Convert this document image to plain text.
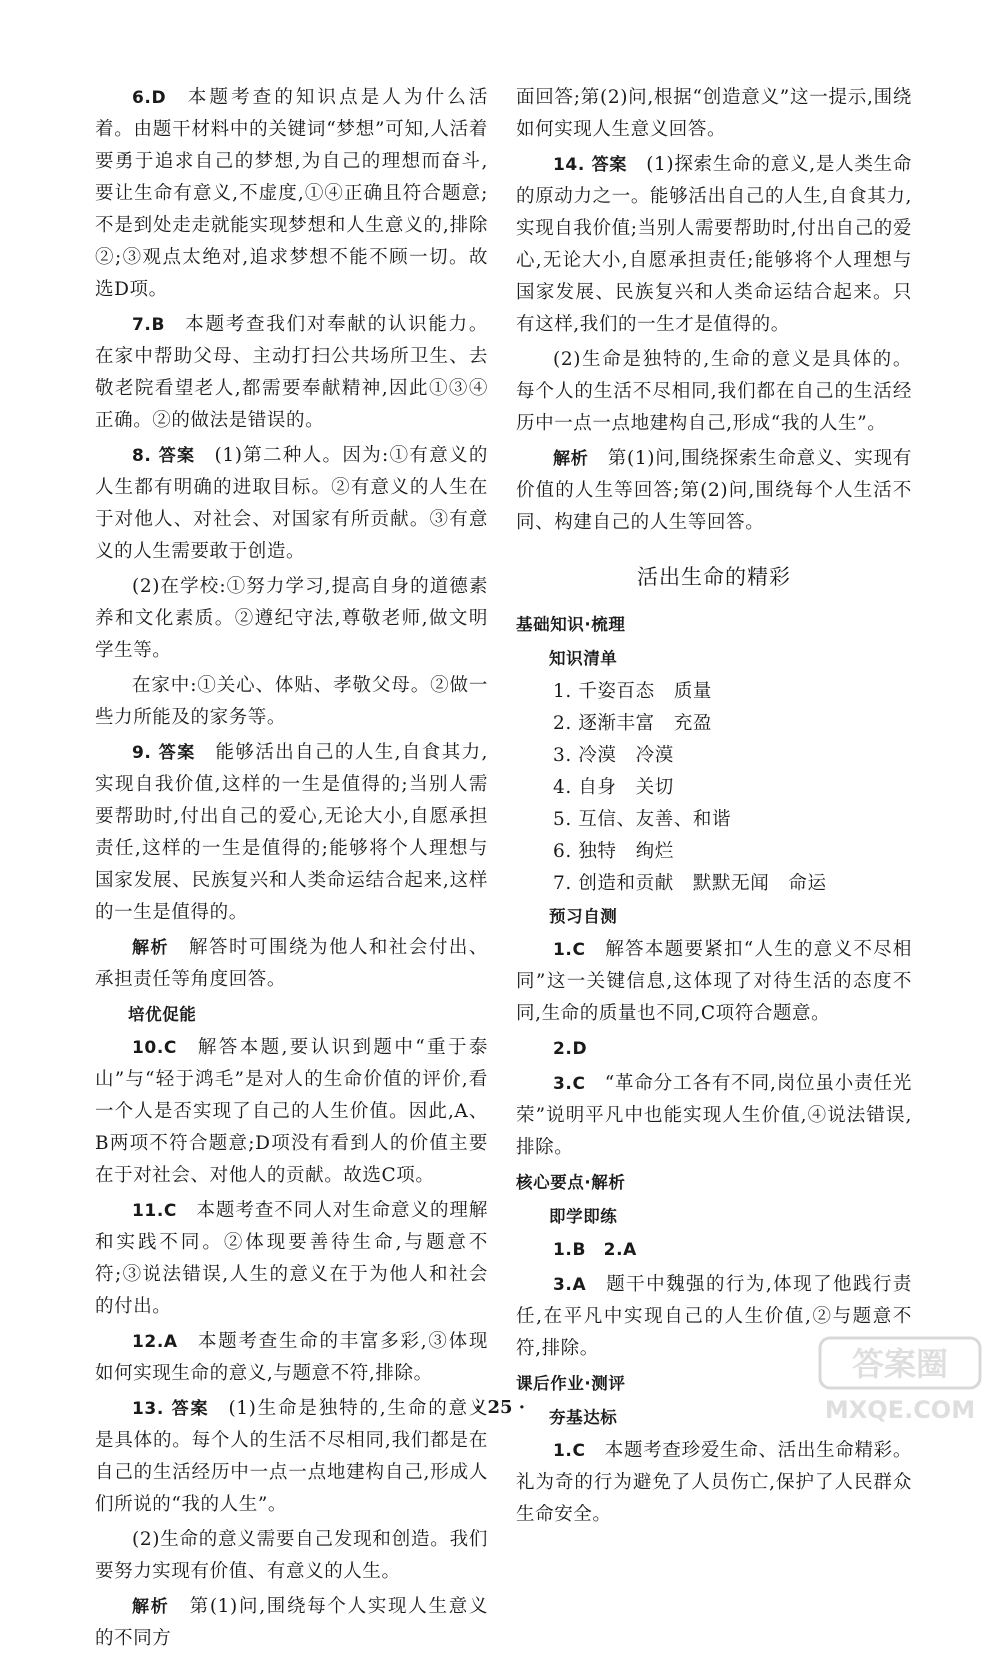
6.D  本题考查的知识点是人为什么活着。由题干材料中的关键词“梦想”可知,人活着要勇于追求自己的梦想,为自己的理想而奋斗,要让生命有意义,不虚度,①④正确且符合题意;不是到处走走就能实现梦想和人生意义的,排除②;③观点太绝对,追求梦想不能不顾一切。故选D项。
7.B  本题考查我们对奉献的认识能力。在家中帮助父母、主动打扫公共场所卫生、去敬老院看望老人,都需要奉献精神,因此①③④正确。②的做法是错误的。
8. 答案  (1)第二种人。因为:①有意义的人生都有明确的进取目标。②有意义的人生在于对他人、对社会、对国家有所贡献。③有意义的人生需要敢于创造。
(2)在学校:①努力学习,提高自身的道德素养和文化素质。②遵纪守法,尊敬老师,做文明学生等。
在家中:①关心、体贴、孝敬父母。②做一些力所能及的家务等。
9. 答案  能够活出自己的人生,自食其力,实现自我价值,这样的一生是值得的;当别人需要帮助时,付出自己的爱心,无论大小,自愿承担责任,这样的一生是值得的;能够将个人理想与国家发展、民族复兴和人类命运结合起来,这样的一生是值得的。
解析  解答时可围绕为他人和社会付出、承担责任等角度回答。
培优促能
10.C  解答本题,要认识到题中“重于泰山”与“轻于鸿毛”是对人的生命价值的评价,看一个人是否实现了自己的人生价值。因此,A、B两项不符合题意;D项没有看到人的价值主要在于对社会、对他人的贡献。故选C项。
11.C  本题考查不同人对生命意义的理解和实践不同。②体现要善待生命,与题意不符;③说法错误,人生的意义在于为他人和社会的付出。
12.A  本题考查生命的丰富多彩,③体现如何实现生命的意义,与题意不符,排除。
13. 答案  (1)生命是独特的,生命的意义是具体的。每个人的生活不尽相同,我们都是在自己的生活经历中一点一点地建构自己,形成人们所说的“我的人生”。
(2)生命的意义需要自己发现和创造。我们要努力实现有价值、有意义的人生。
解析  第(1)问,围绕每个人实现人生意义的不同方
面回答;第(2)问,根据“创造意义”这一提示,围绕如何实现人生意义回答。
14. 答案  (1)探索生命的意义,是人类生命的原动力之一。能够活出自己的人生,自食其力,实现自我价值;当别人需要帮助时,付出自己的爱心,无论大小,自愿承担责任;能够将个人理想与国家发展、民族复兴和人类命运结合起来。只有这样,我们的一生才是值得的。
(2)生命是独特的,生命的意义是具体的。每个人的生活不尽相同,我们都在自己的生活经历中一点一点地建构自己,形成“我的人生”。
解析  第(1)问,围绕探索生命意义、实现有价值的人生等回答;第(2)问,围绕每个人生活不同、构建自己的人生等回答。
活出生命的精彩
基础知识·梳理
知识清单
1. 千姿百态　质量
2. 逐渐丰富　充盈
3. 冷漠　冷漠
4. 自身　关切
5. 互信、友善、和谐
6. 独特　绚烂
7. 创造和贡献　默默无闻　命运
预习自测
1.C  解答本题要紧扣“人生的意义不尽相同”这一关键信息,这体现了对待生活的态度不同,生命的质量也不同,C项符合题意。
2.D 
3.C  “革命分工各有不同,岗位虽小责任光荣”说明平凡中也能实现人生价值,④说法错误,排除。
核心要点·解析
即学即练
1.B　2.A 
3.A  题干中魏强的行为,体现了他践行责任,在平凡中实现自己的人生价值,②与题意不符,排除。
课后作业·测评
夯基达标
1.C  本题考查珍爱生命、活出生命精彩。礼为奇的行为避免了人员伤亡,保护了人民群众生命安全。
· 25 ·
答案圈
MXQE.COM
